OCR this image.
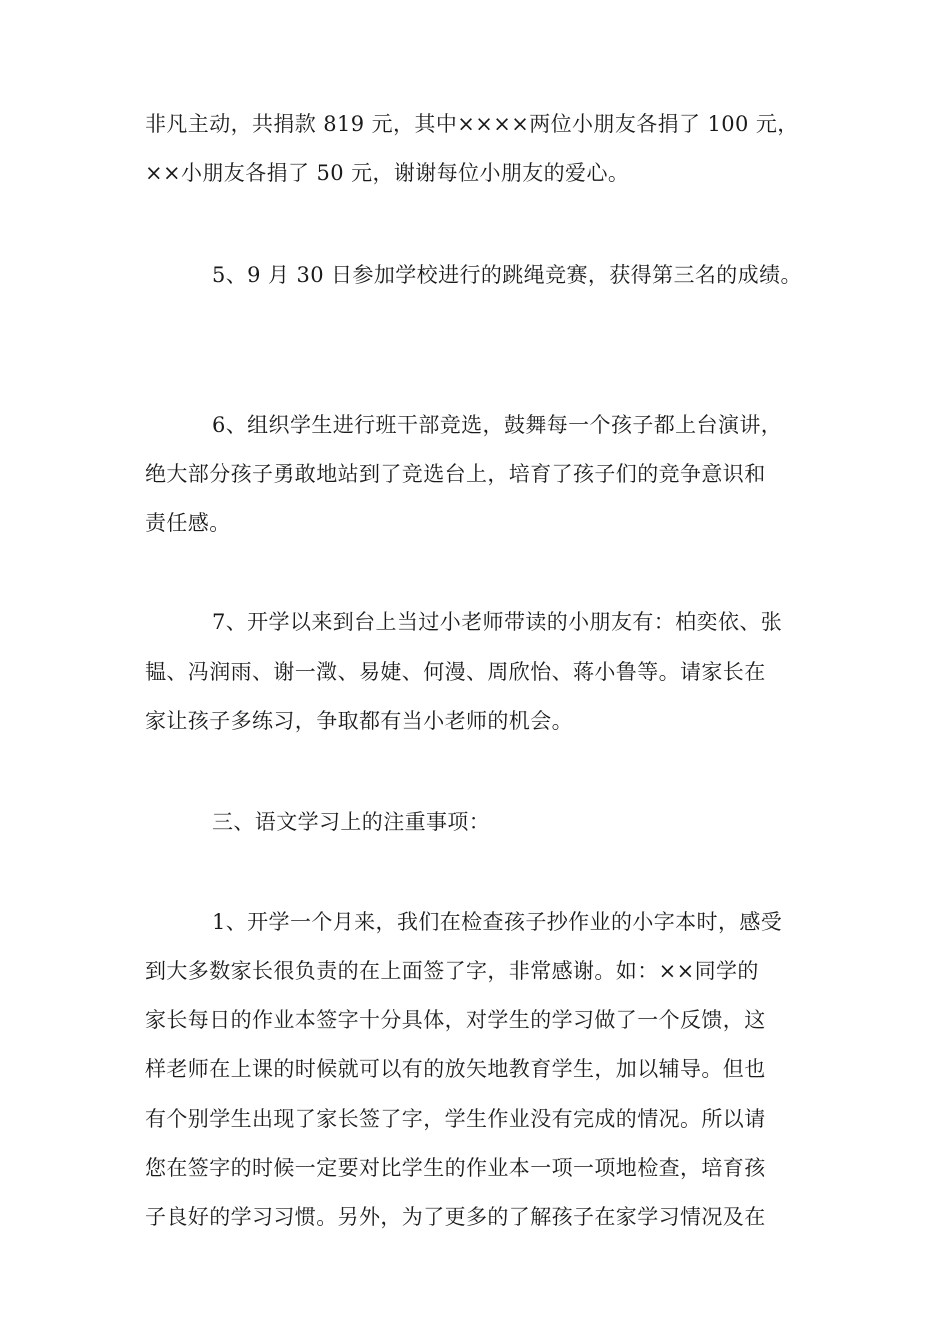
非凡主动，共捐款 819 元，其中××××两位小朋友各捐了 100 元，

××小朋友各捐了 50 元，谢谢每位小朋友的爱心。

5、9 月 30 日参加学校进行的跳绳竞赛，获得第三名的成绩。

6、组织学生进行班干部竞选，鼓舞每一个孩子都上台演讲，

绝大部分孩子勇敢地站到了竞选台上，培育了孩子们的竞争意识和

责任感。

7、开学以来到台上当过小老师带读的小朋友有：柏奕依、张

韫、冯润雨、谢一澂、易婕、何漫、周欣怡、蒋小鲁等。请家长在

家让孩子多练习，争取都有当小老师的机会。

三、语文学习上的注重事项：

1、开学一个月来，我们在检查孩子抄作业的小字本时，感受

到大多数家长很负责的在上面签了字，非常感谢。如：××同学的

家长每日的作业本签字十分具体，对学生的学习做了一个反馈，这

样老师在上课的时候就可以有的放矢地教育学生，加以辅导。但也

有个别学生出现了家长签了字，学生作业没有完成的情况。所以请

您在签字的时候一定要对比学生的作业本一项一项地检查，培育孩

子良好的学习习惯。另外，为了更多的了解孩子在家学习情况及在
